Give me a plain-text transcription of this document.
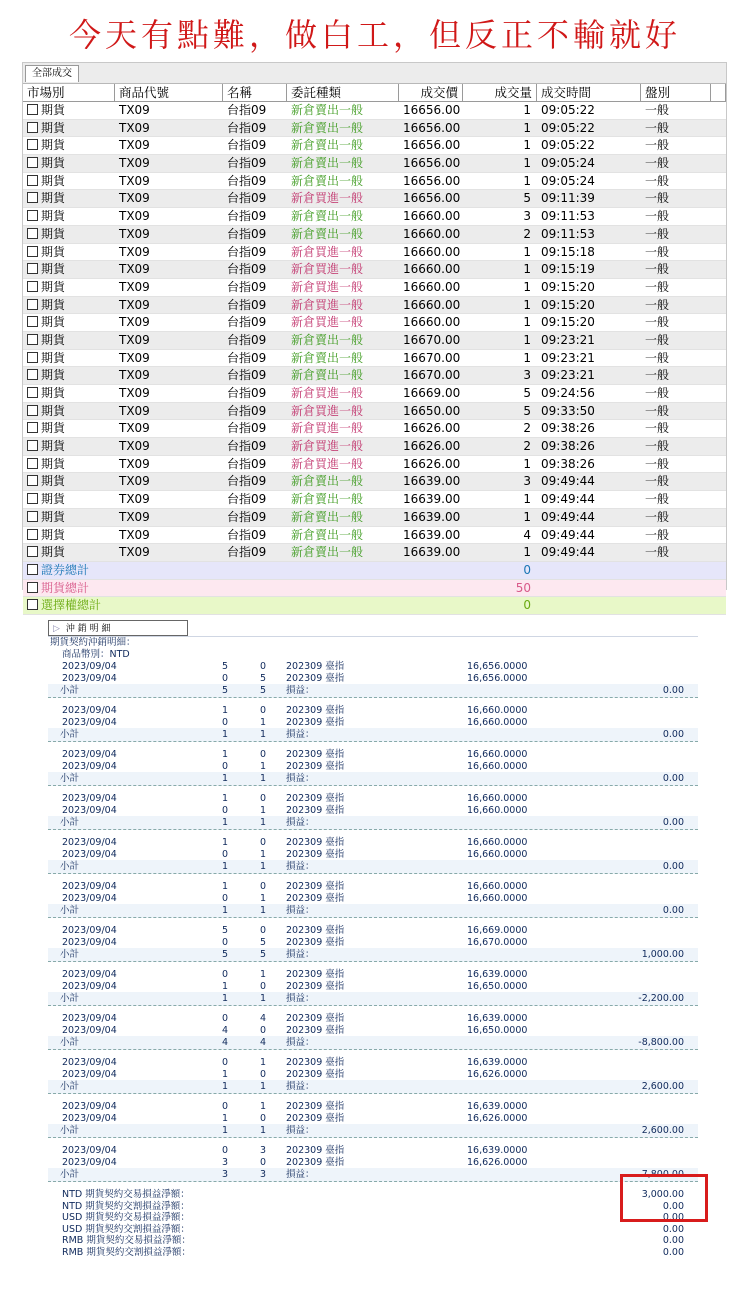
今天有點難，做白工，但反正不輸就好
全部成交
市場別	商品代號	名稱	委託種類	成交價	成交量 成交時間	盤別
期貨	TX09	台指09	新倉賣出一般	16656.00	1 09:05:22	一般
期貨	TX09	台指09	新倉賣出一般	16656.00	1 09:05:22	一般
期貨	TX09	台指09	新倉賣出一般	16656.00	1 09:05:22	一般
期貨	TX09	台指09	新倉賣出一般	16656.00	1 09:05:24	一般
期貨	TX09	台指09	新倉賣出一般	16656.00	1 09:05:24	一般
期貨	TX09	台指09	新倉買進一般	16656.00	5 09:11:39	一般
期貨	TX09	台指09	新倉賣出一般	16660.00	3 09:11:53	一般
期貨	TX09	台指09	新倉賣出一般	16660.00	2 09:11:53	一般
期貨	TX09	台指09	新倉買進一般	16660.00	1 09:15:18	一般
期貨	TX09	台指09	新倉買進一般	16660.00	1 09:15:19	一般
期貨	TX09	台指09	新倉買進一般	16660.00	1 09:15:20	一般
期貨	TX09	台指09	新倉買進一般	16660.00	1 09:15:20	一般
期貨	TX09	台指09	新倉買進一般	16660.00	1 09:15:20	一般
期貨	TX09	台指09	新倉賣出一般	16670.00	1 09:23:21	一般
期貨	TX09	台指09	新倉賣出一般	16670.00	1 09:23:21	一般
期貨	TX09	台指09	新倉賣出一般	16670.00	3 09:23:21	一般
期貨	TX09	台指09	新倉買進一般	16669.00	5 09:24:56	一般
期貨	TX09	台指09	新倉買進一般	16650.00	5 09:33:50	一般
期貨	TX09	台指09	新倉買進一般	16626.00	2 09:38:26	一般
期貨	TX09	台指09	新倉買進一般	16626.00	2 09:38:26	一般
期貨	TX09	台指09	新倉買進一般	16626.00	1 09:38:26	一般
期貨	TX09	台指09	新倉賣出一般	16639.00	3 09:49:44	一般
期貨	TX09	台指09	新倉賣出一般	16639.00	1 09:49:44	一般
期貨	TX09	台指09	新倉賣出一般	16639.00	1 09:49:44	一般
期貨	TX09	台指09	新倉賣出一般	16639.00	4 09:49:44	一般
期貨	TX09	台指09	新倉賣出一般	16639.00	1 09:49:44	一般
證券總計	0
期貨總計	50
選擇權總計	0
▷ 沖 銷 明 細
期貨契約沖銷明細：
商品幣別：NTD
2023/09/04	5	0 202309 臺指	16,656.0000
2023/09/04	0	5 202309 臺指	16,656.0000
小計	5	5 損益：	0.00
2023/09/04	1	0 202309 臺指	16,660.0000
2023/09/04	0	1 202309 臺指	16,660.0000
小計	1	1 損益：	0.00
2023/09/04	1	0 202309 臺指	16,660.0000
2023/09/04	0	1 202309 臺指	16,660.0000
小計	1	1 損益：	0.00
2023/09/04	1	0 202309 臺指	16,660.0000
2023/09/04	0	1 202309 臺指	16,660.0000
小計	1	1 損益：	0.00
2023/09/04	1	0 202309 臺指	16,660.0000
2023/09/04	0	1 202309 臺指	16,660.0000
小計	1	1 損益：	0.00
2023/09/04	1	0 202309 臺指	16,660.0000
2023/09/04	0	1 202309 臺指	16,660.0000
小計	1	1 損益：	0.00
2023/09/04	5	0 202309 臺指	16,669.0000
2023/09/04	0	5 202309 臺指	16,670.0000
小計	5	5 損益：	1,000.00
2023/09/04	0	1 202309 臺指	16,639.0000
2023/09/04	1	0 202309 臺指	16,650.0000
小計	1	1 損益：	-2,200.00
2023/09/04	0	4 202309 臺指	16,639.0000
2023/09/04	4	0 202309 臺指	16,650.0000
小計	4	4 損益：	-8,800.00
2023/09/04	0	1 202309 臺指	16,639.0000
2023/09/04	1	0 202309 臺指	16,626.0000
小計	1	1 損益：	2,600.00
2023/09/04	0	1 202309 臺指	16,639.0000
2023/09/04	1	0 202309 臺指	16,626.0000
小計	1	1 損益：	2,600.00
2023/09/04	0	3 202309 臺指	16,639.0000
2023/09/04	3	0 202309 臺指	16,626.0000
小計	3	3 損益：	7,800.00
NTD 期貨契約交易損益淨額：	3,000.00
NTD 期貨契約交割損益淨額：	0.00
USD 期貨契約交易損益淨額：	0.00
USD 期貨契約交割損益淨額：	0.00
RMB 期貨契約交易損益淨額：	0.00
RMB 期貨契約交割損益淨額：	0.00
